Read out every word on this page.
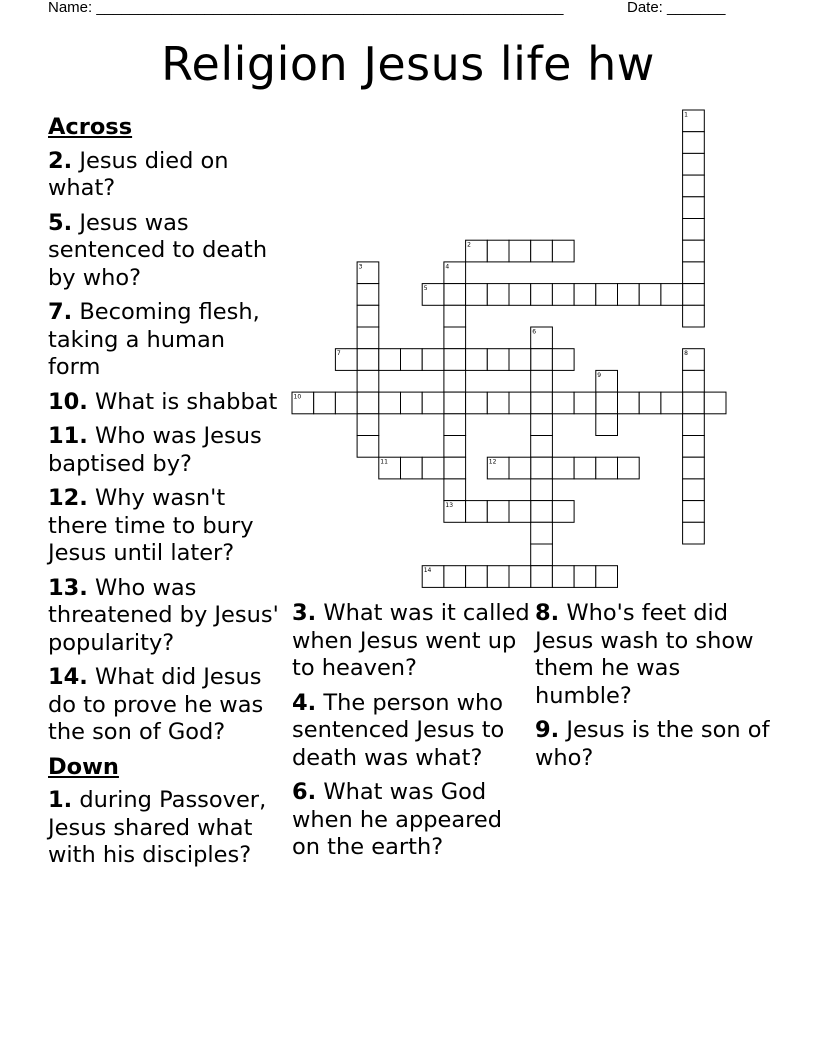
Name: ________________________________________________________	Date: _______
Religion Jesus life hw
1
2
3	4
13
5
6
7	8
9
10
11	12
14
Across
2. Jesus died on what?
5. Jesus was sentenced to death by who?
7. Becoming flesh, taking a human form
10. What is shabbat
11. Who was Jesus baptised by?
12. Why wasn't there time to bury Jesus until later?
13. Who was threatened by Jesus' popularity?
14. What did Jesus do to prove he was the son of God?
Down
1. during Passover, Jesus shared what with his disciples?
3. What was it called when Jesus went up to heaven?
4. The person who sentenced Jesus to death was what?
6. What was God when he appeared on the earth?
8. Who's feet did Jesus wash to show them he was humble?
9. Jesus is the son of who?
